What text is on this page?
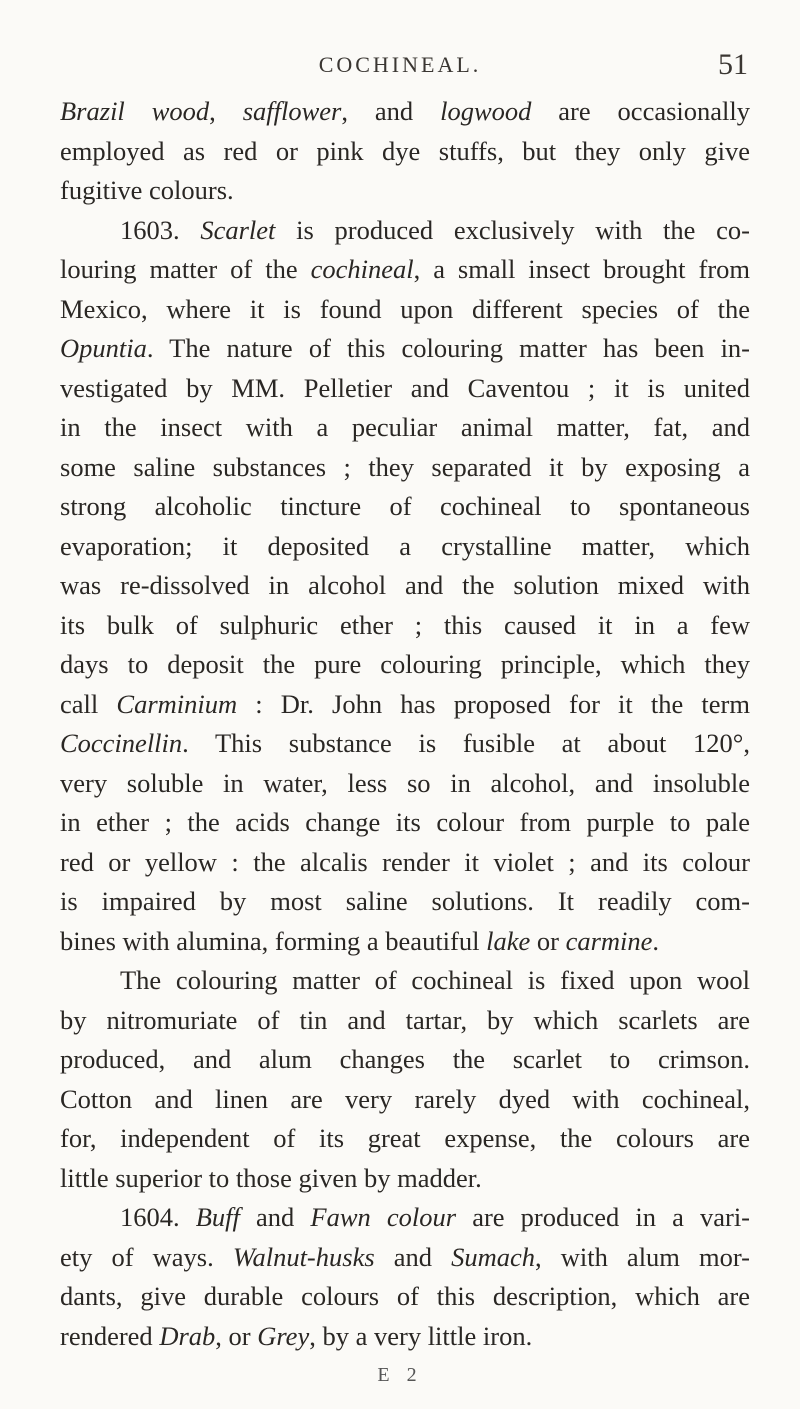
COCHINEAL.	51
Brazil wood, safflower, and logwood are occasionally
employed as red or pink dye stuffs, but they only give
fugitive colours.
1603. Scarlet is produced exclusively with the co-
louring matter of the cochineal, a small insect brought from
Mexico, where it is found upon different species of the
Opuntia. The nature of this colouring matter has been in-
vestigated by MM. Pelletier and Caventou ; it is united
in the insect with a peculiar animal matter, fat, and
some saline substances ; they separated it by exposing a
strong alcoholic tincture of cochineal to spontaneous
evaporation; it deposited a crystalline matter, which
was re-dissolved in alcohol and the solution mixed with
its bulk of sulphuric ether ; this caused it in a few
days to deposit the pure colouring principle, which they
call Carminium : Dr. John has proposed for it the term
Coccinellin. This substance is fusible at about 120°,
very soluble in water, less so in alcohol, and insoluble
in ether ; the acids change its colour from purple to pale
red or yellow : the alcalis render it violet ; and its colour
is impaired by most saline solutions. It readily com-
bines with alumina, forming a beautiful lake or carmine.
The colouring matter of cochineal is fixed upon wool
by nitromuriate of tin and tartar, by which scarlets are
produced, and alum changes the scarlet to crimson.
Cotton and linen are very rarely dyed with cochineal,
for, independent of its great expense, the colours are
little superior to those given by madder.
1604. Buff and Fawn colour are produced in a vari-
ety of ways. Walnut-husks and Sumach, with alum mor-
dants, give durable colours of this description, which are
rendered Drab, or Grey, by a very little iron.
E 2
